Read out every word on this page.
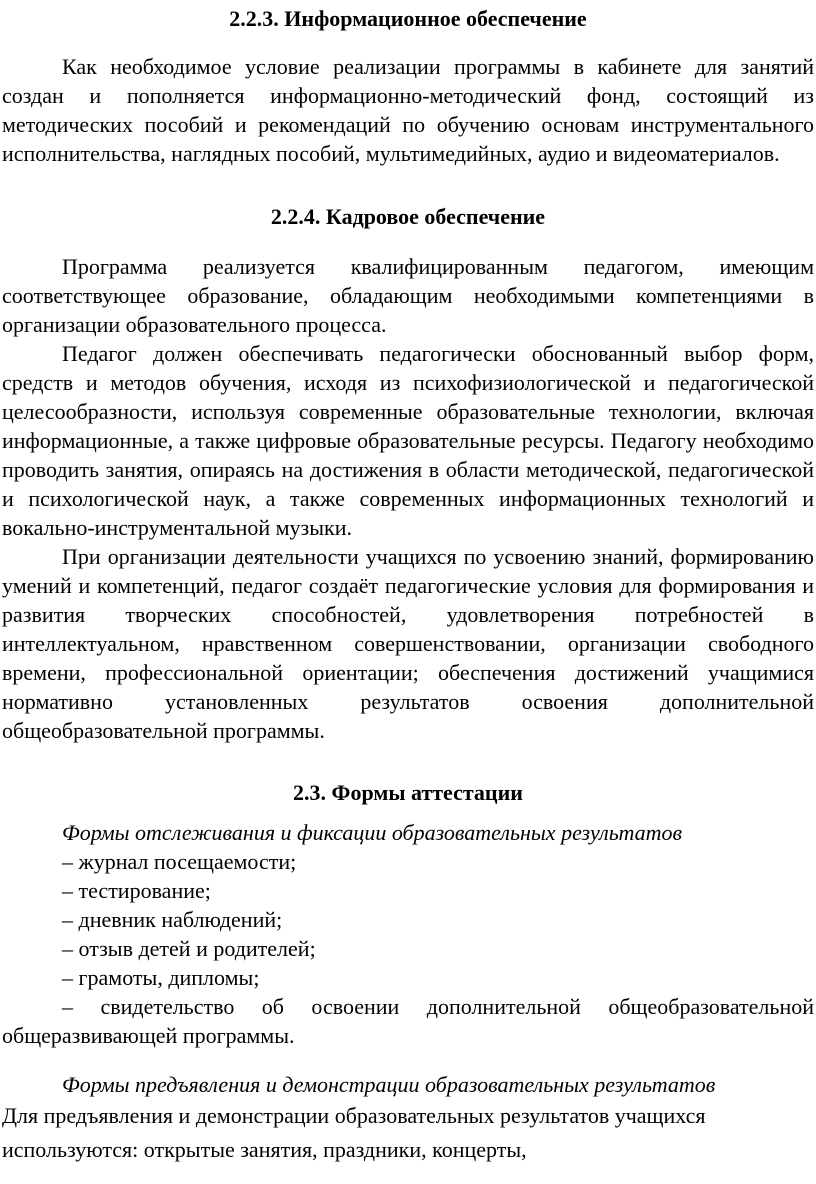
2.2.3. Информационное обеспечение

Как необходимое условие реализации программы в кабинете для занятий создан и пополняется информационно-методический фонд, состоящий из методических пособий и рекомендаций по обучению основам инструментального исполнительства, наглядных пособий, мультимедийных, аудио и видеоматериалов.

2.2.4. Кадровое обеспечение

Программа реализуется квалифицированным педагогом, имеющим соответствующее образование, обладающим необходимыми компетенциями в организации образовательного процесса.

Педагог должен обеспечивать педагогически обоснованный выбор форм, средств и методов обучения, исходя из психофизиологической и педагогической целесообразности, используя современные образовательные технологии, включая информационные, а также цифровые образовательные ресурсы. Педагогу необходимо проводить занятия, опираясь на достижения в области методической, педагогической и психологической наук, а также современных информационных технологий и вокально-инструментальной музыки.

При организации деятельности учащихся по усвоению знаний, формированию умений и компетенций, педагог создаёт педагогические условия для формирования и развития творческих способностей, удовлетворения потребностей в интеллектуальном, нравственном совершенствовании, организации свободного времени, профессиональной ориентации; обеспечения достижений учащимися нормативно установленных результатов освоения дополнительной общеобразовательной программы.

2.3. Формы аттестации

Формы отслеживания и фиксации образовательных результатов

– журнал посещаемости;

– тестирование;

– дневник наблюдений;

– отзыв детей и родителей;

– грамоты, дипломы;

– свидетельство об освоении дополнительной общеобразовательной общеразвивающей программы.

Формы предъявления и демонстрации образовательных результатов

Для предъявления и демонстрации образовательных результатов учащихся

используются: открытые занятия, праздники, концерты,
